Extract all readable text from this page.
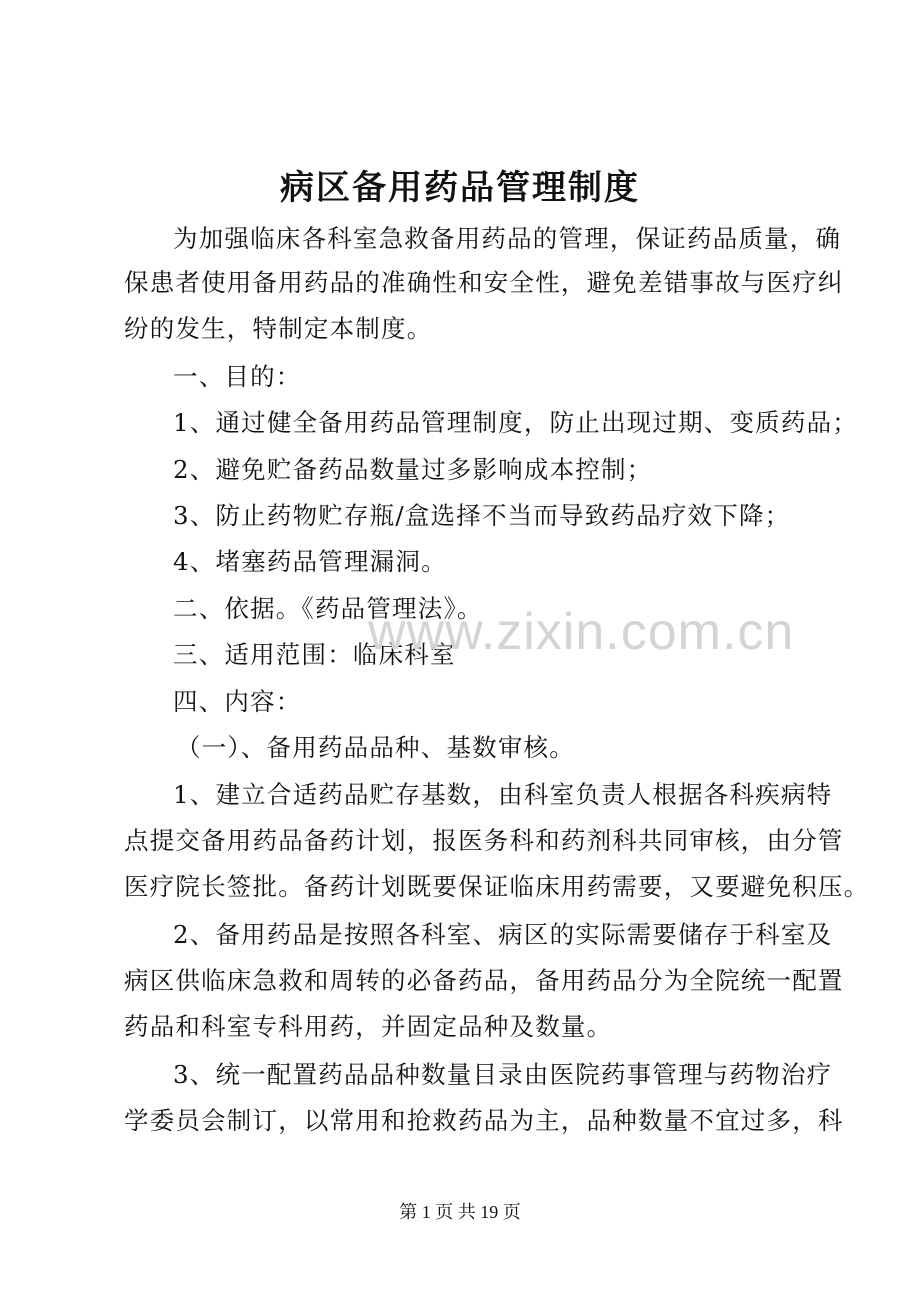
病区备用药品管理制度
为加强临床各科室急救备用药品的管理，保证药品质量，确
保患者使用备用药品的准确性和安全性，避免差错事故与医疗纠
纷的发生，特制定本制度。
一、目的：
1、通过健全备用药品管理制度，防止出现过期、变质药品；
2、避免贮备药品数量过多影响成本控制；
3、防止药物贮存瓶/盒选择不当而导致药品疗效下降；
4、堵塞药品管理漏洞。
二、依据。《药品管理法》。
三、适用范围：临床科室
四、内容：
（一）、备用药品品种、基数审核。
1、建立合适药品贮存基数，由科室负责人根据各科疾病特
点提交备用药品备药计划，报医务科和药剂科共同审核，由分管
医疗院长签批。备药计划既要保证临床用药需要，又要避免积压。
2、备用药品是按照各科室、病区的实际需要储存于科室及
病区供临床急救和周转的必备药品，备用药品分为全院统一配置
药品和科室专科用药，并固定品种及数量。
3、统一配置药品品种数量目录由医院药事管理与药物治疗
学委员会制订，以常用和抢救药品为主，品种数量不宜过多，科
www.zixin.com.cn
第 1 页 共 19 页
